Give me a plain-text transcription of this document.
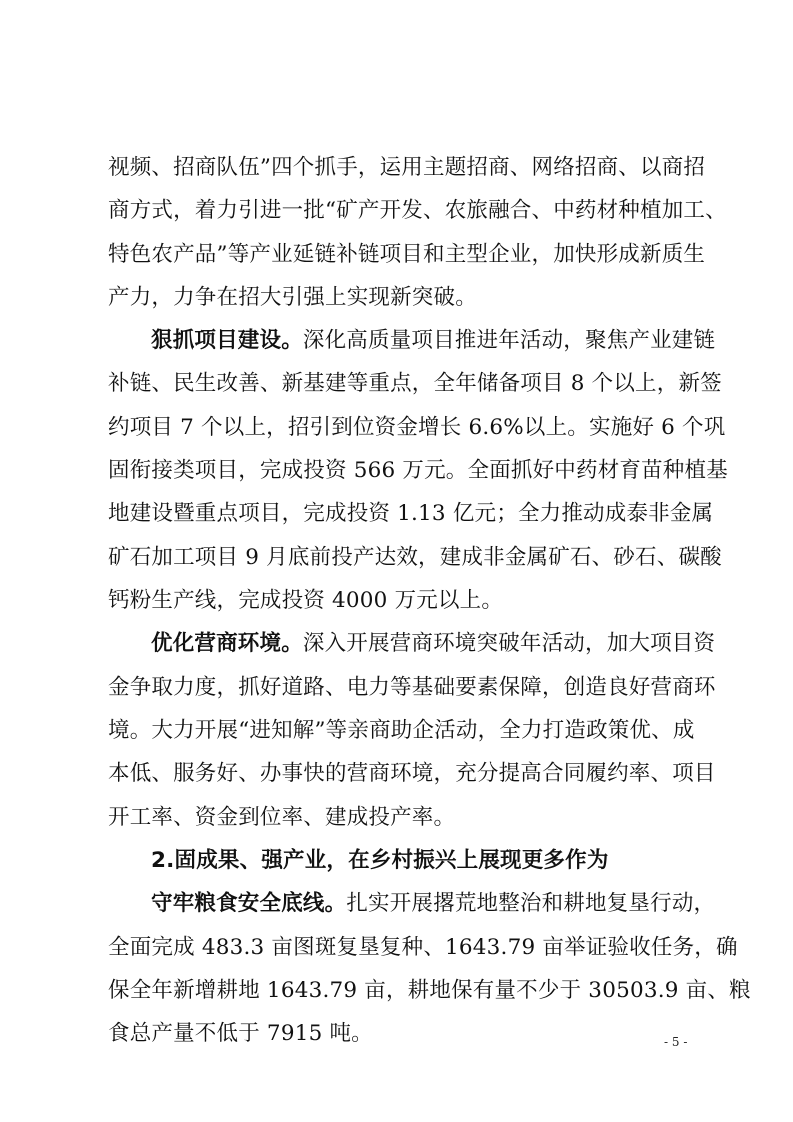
视频、招商队伍”四个抓手，运用主题招商、网络招商、以商招
商方式，着力引进一批“矿产开发、农旅融合、中药材种植加工、
特色农产品”等产业延链补链项目和主型企业，加快形成新质生
产力，力争在招大引强上实现新突破。
狠抓项目建设。深化高质量项目推进年活动，聚焦产业建链
补链、民生改善、新基建等重点，全年储备项目 8 个以上，新签
约项目 7 个以上，招引到位资金增长 6.6%以上。实施好 6 个巩
固衔接类项目，完成投资 566 万元。全面抓好中药材育苗种植基
地建设暨重点项目，完成投资 1.13 亿元；全力推动成泰非金属
矿石加工项目 9 月底前投产达效，建成非金属矿石、砂石、碳酸
钙粉生产线，完成投资 4000 万元以上。
优化营商环境。深入开展营商环境突破年活动，加大项目资
金争取力度，抓好道路、电力等基础要素保障，创造良好营商环
境。大力开展“进知解”等亲商助企活动，全力打造政策优、成
本低、服务好、办事快的营商环境，充分提高合同履约率、项目
开工率、资金到位率、建成投产率。
2.固成果、强产业，在乡村振兴上展现更多作为
守牢粮食安全底线。扎实开展撂荒地整治和耕地复垦行动，
全面完成 483.3 亩图斑复垦复种、1643.79 亩举证验收任务，确
保全年新增耕地 1643.79 亩，耕地保有量不少于 30503.9 亩、粮
食总产量不低于 7915 吨。	- 5 -
